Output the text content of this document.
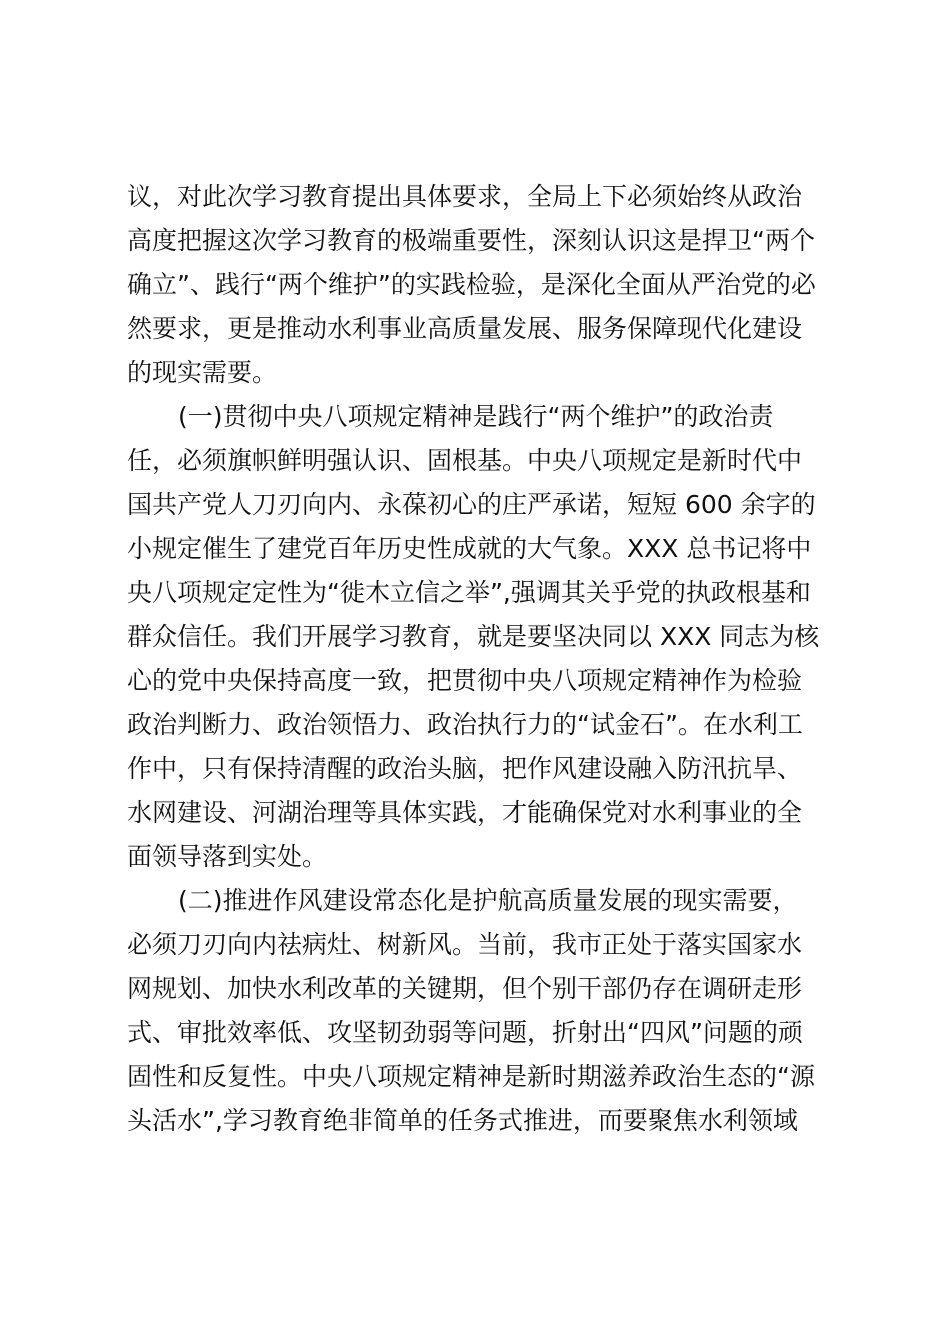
议，对此次学习教育提出具体要求，全局上下必须始终从政治

高度把握这次学习教育的极端重要性，深刻认识这是捍卫“两个

确立”、践行“两个维护”的实践检验，是深化全面从严治党的必

然要求，更是推动水利事业高质量发展、服务保障现代化建设

的现实需要。

(一)贯彻中央八项规定精神是践行“两个维护”的政治责

任，必须旗帜鲜明强认识、固根基。中央八项规定是新时代中

国共产党人刀刃向内、永葆初心的庄严承诺，短短 600 余字的

小规定催生了建党百年历史性成就的大气象。XXX 总书记将中

央八项规定定性为“徙木立信之举”,强调其关乎党的执政根基和

群众信任。我们开展学习教育，就是要坚决同以 XXX 同志为核

心的党中央保持高度一致，把贯彻中央八项规定精神作为检验

政治判断力、政治领悟力、政治执行力的“试金石”。在水利工

作中，只有保持清醒的政治头脑，把作风建设融入防汛抗旱、

水网建设、河湖治理等具体实践，才能确保党对水利事业的全

面领导落到实处。

(二)推进作风建设常态化是护航高质量发展的现实需要，

必须刀刃向内祛病灶、树新风。当前，我市正处于落实国家水

网规划、加快水利改革的关键期，但个别干部仍存在调研走形

式、审批效率低、攻坚韧劲弱等问题，折射出“四风”问题的顽

固性和反复性。中央八项规定精神是新时期滋养政治生态的“源

头活水”,学习教育绝非简单的任务式推进，而要聚焦水利领域
